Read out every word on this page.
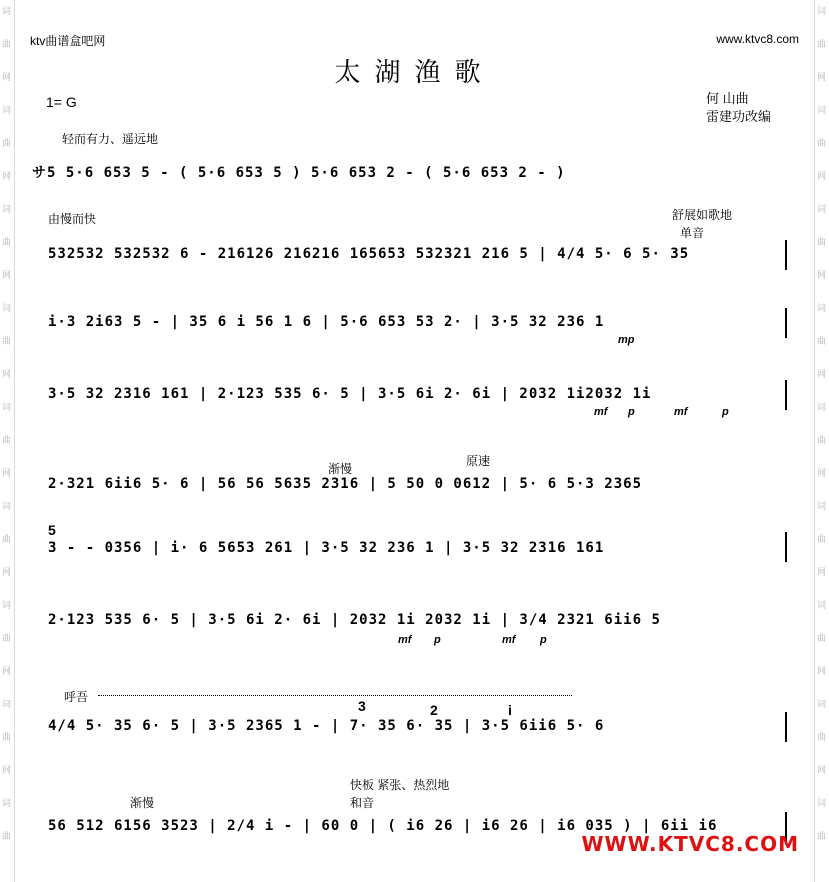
词
曲
网
词
曲
网
词
曲
网
词
曲
网
词
曲
网
词
曲
网
词
曲
网
词
曲
网
词
曲
词
曲
网
词
曲
网
词
曲
网
词
曲
网
词
曲
网
词
曲
网
词
曲
网
词
曲
网
词
曲
ktv曲谱盒吧网	www.ktvc8.com
太湖渔歌
1= G	何 山曲
雷建功改编
轻而有力、遥远地
サ5 5·6 653 5 - ( 5·6 653 5 ) 5·6 653 2 - ( 5·6 653 2 - )
由慢而快	舒展如歌地
单音
532532 532532 6 - 216126 216216 165653 532321 216 5 | 4/4 5· 6 5· 35
i·3 2i63 5 - | 35 6 i 56 1 6 | 5·6 653 53 2· | 3·5 32 236 1
mp
3·5 32 2316 161 | 2·123 535 6· 5 | 3·5 6i 2· 6i | 2032 1i2032 1i
mf p	mf	p
渐慢
原速
2·321 6ii6 5· 6 | 56 56 5635 2316 | 5 50 0 0612 | 5· 6 5·3 2365
5
3 - - 0356 | i· 6 5653 261 | 3·5 32 236 1 | 3·5 32 2316 161
2·123 535 6· 5 | 3·5 6i 2· 6i | 2032 1i 2032 1i | 3/4 2321 6ii6 5
mf p	mf p
呼吾
3	2	i
4/4 5· 35 6· 5 | 3·5 2365 1 - | 7· 35 6· 35 | 3·5 6ii6 5· 6
快板 紧张、热烈地
和音
渐慢
56 512 6156 3523 | 2/4 i - | 60 0 | ( i6 26 | i6 26 | i6 035 ) | 6ii i6
WWW.KTVC8.COM
